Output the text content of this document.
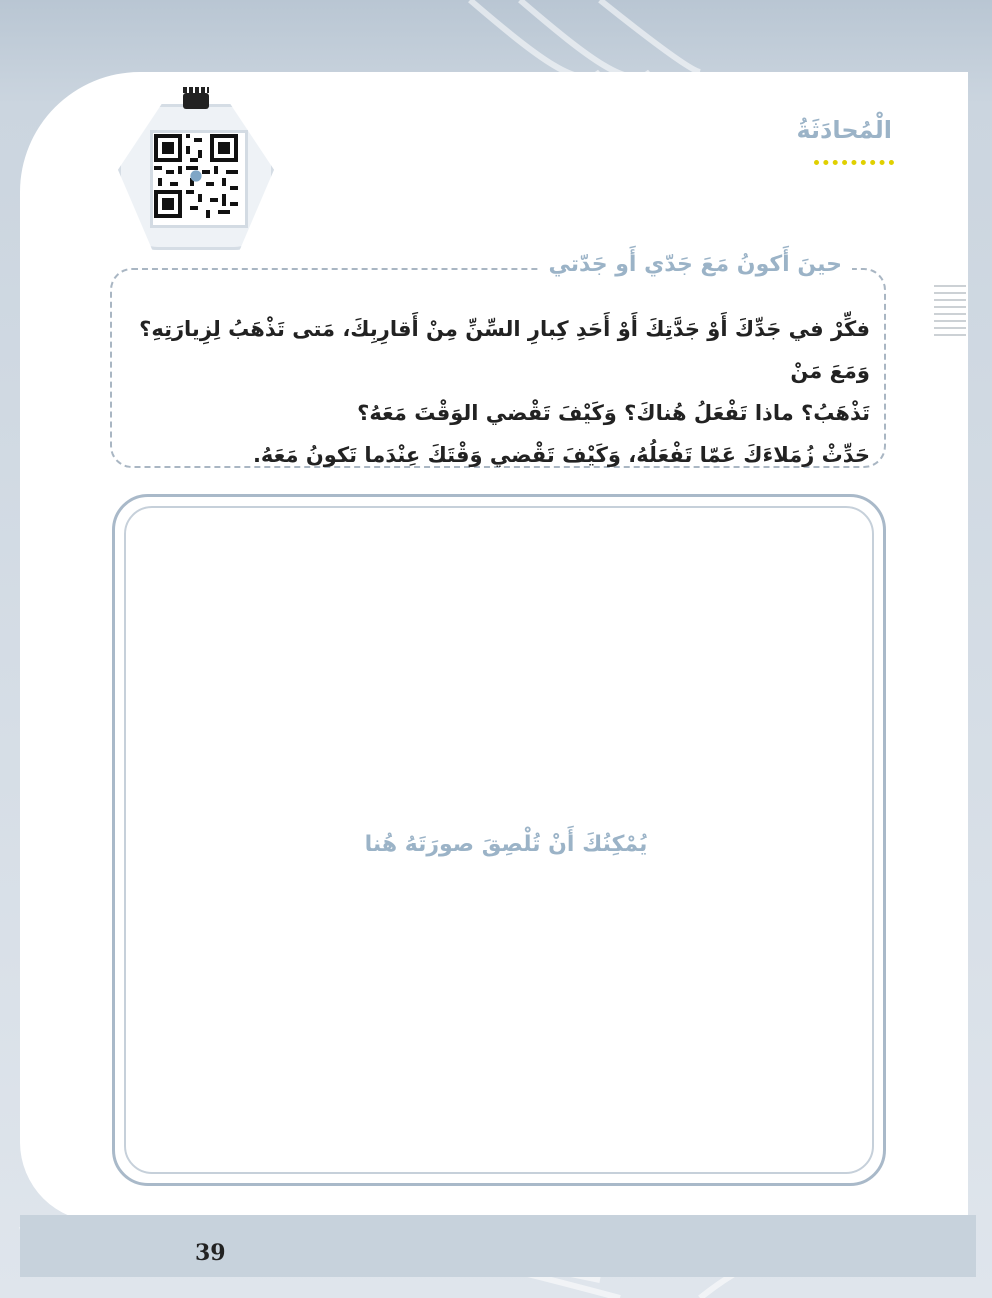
الْمُحادَثَةُ
حينَ أَكونُ مَعَ جَدّي أَو جَدّتي
فكِّرْ في جَدِّكَ أَوْ جَدَّتِكَ أَوْ أَحَدِ كِبارِ السِّنِّ مِنْ أَقارِبِكَ، مَتى تَذْهَبُ لِزِيارَتِهِ؟ وَمَعَ مَنْ
تَذْهَبُ؟ ماذا تَفْعَلُ هُناكَ؟ وَكَيْفَ تَقْضي الوَقْتَ مَعَهُ؟
حَدِّثْ زُمَلاءَكَ عَمّا تَفْعَلُهُ، وَكَيْفَ تَقْضي وَقْتَكَ عِنْدَما تَكونُ مَعَهُ.
يُمْكِنُكَ أَنْ تُلْصِقَ صورَتَهُ هُنا
39
